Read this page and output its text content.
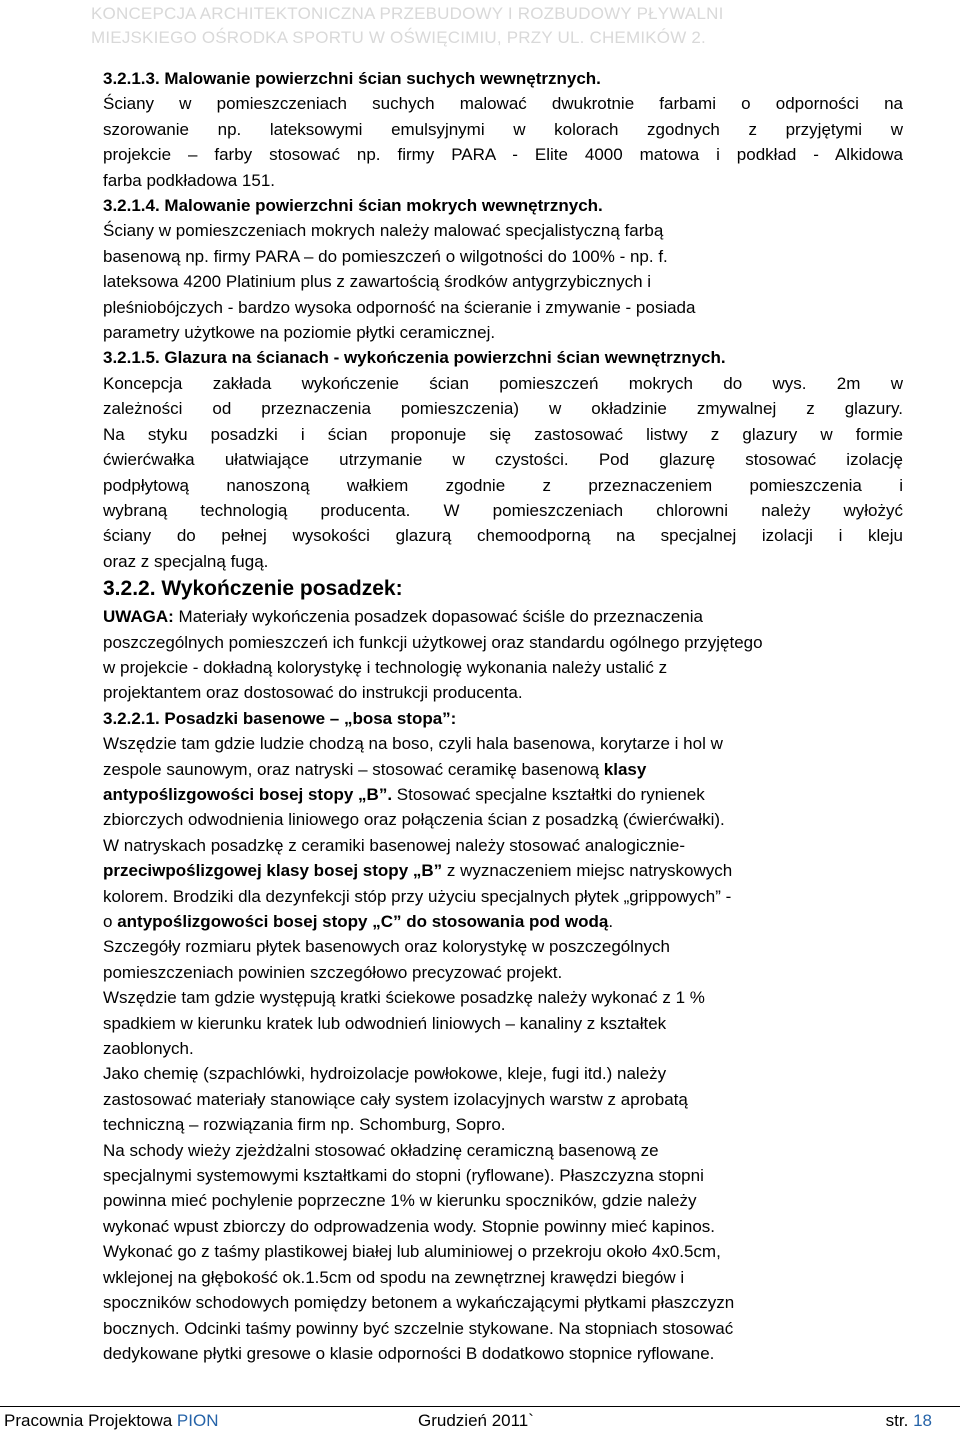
KONCEPCJA ARCHITEKTONICZNA PRZEBUDOWY I ROZBUDOWY PŁYWALNI
MIEJSKIEGO OŚRODKA SPORTU W OŚWIĘCIMIU, PRZY UL. CHEMIKÓW 2.
3.2.1.3. Malowanie powierzchni ścian suchych wewnętrznych.
Ściany w pomieszczeniach suchych malować dwukrotnie farbami o odporności na
szorowanie np. lateksowymi emulsyjnymi w kolorach zgodnych z przyjętymi w
projekcie – farby stosować np. firmy PARA - Elite 4000 matowa i podkład - Alkidowa
farba podkładowa 151.
3.2.1.4. Malowanie powierzchni ścian mokrych wewnętrznych.
Ściany w pomieszczeniach mokrych należy malować specjalistyczną farbą
basenową np. firmy PARA – do pomieszczeń o wilgotności do 100% - np. f.
lateksowa 4200 Platinium plus z zawartością środków antygrzybicznych i
pleśniobójczych - bardzo wysoka odporność na ścieranie i zmywanie - posiada
parametry użytkowe na poziomie płytki ceramicznej.
3.2.1.5. Glazura na ścianach - wykończenia powierzchni ścian wewnętrznych.
Koncepcja zakłada wykończenie ścian pomieszczeń mokrych do wys. 2m w
zależności od przeznaczenia pomieszczenia) w okładzinie zmywalnej z glazury.
Na styku posadzki i ścian proponuje się zastosować listwy z glazury w formie
ćwierćwałka ułatwiające utrzymanie w czystości. Pod glazurę stosować izolację
podpłytową nanoszoną wałkiem zgodnie z przeznaczeniem pomieszczenia i
wybraną technologią producenta. W pomieszczeniach chlorowni należy wyłożyć
ściany do pełnej wysokości glazurą chemoodporną na specjalnej izolacji i kleju
oraz z specjalną fugą.
3.2.2. Wykończenie posadzek:
UWAGA: Materiały wykończenia posadzek dopasować ściśle do przeznaczenia
poszczególnych pomieszczeń ich funkcji użytkowej oraz standardu ogólnego przyjętego
w projekcie - dokładną kolorystykę i technologię wykonania należy ustalić z
projektantem oraz dostosować do instrukcji producenta.
3.2.2.1. Posadzki basenowe – „bosa stopa”:
Wszędzie tam gdzie ludzie chodzą na boso, czyli hala basenowa, korytarze i hol w
zespole saunowym, oraz natryski – stosować ceramikę basenową klasy
antypoślizgowości bosej stopy „B”. Stosować specjalne kształtki do rynienek
zbiorczych odwodnienia liniowego oraz połączenia ścian z posadzką (ćwierćwałki).
W natryskach posadzkę z ceramiki basenowej należy stosować analogicznie-
przeciwpoślizgowej klasy bosej stopy „B” z wyznaczeniem miejsc natryskowych
kolorem. Brodziki dla dezynfekcji stóp przy użyciu specjalnych płytek „grippowych” -
o antypoślizgowości bosej stopy „C” do stosowania pod wodą.
Szczegóły rozmiaru płytek basenowych oraz kolorystykę w poszczególnych
pomieszczeniach powinien szczegółowo precyzować projekt.
Wszędzie tam gdzie występują kratki ściekowe posadzkę należy wykonać z 1 %
spadkiem w kierunku kratek lub odwodnień liniowych – kanaliny z kształtek
zaoblonych.
Jako chemię (szpachlówki, hydroizolacje powłokowe, kleje, fugi itd.) należy
zastosować materiały stanowiące cały system izolacyjnych warstw z aprobatą
techniczną – rozwiązania firm np. Schomburg, Sopro.
Na schody wieży zjeżdżalni stosować okładzinę ceramiczną basenową ze
specjalnymi systemowymi kształtkami do stopni (ryflowane). Płaszczyzna stopni
powinna mieć pochylenie poprzeczne 1% w kierunku spoczników, gdzie należy
wykonać wpust zbiorczy do odprowadzenia wody. Stopnie powinny mieć kapinos.
Wykonać go z taśmy plastikowej białej lub aluminiowej o przekroju około 4x0.5cm,
wklejonej na głębokość ok.1.5cm od spodu na zewnętrznej krawędzi biegów i
spoczników schodowych pomiędzy betonem a wykańczającymi płytkami płaszczyzn
bocznych. Odcinki taśmy powinny być szczelnie stykowane. Na stopniach stosować
dedykowane płytki gresowe o klasie odporności B dodatkowo stopnice ryflowane.
Pracownia Projektowa PION	Grudzień 2011`	str. 18
